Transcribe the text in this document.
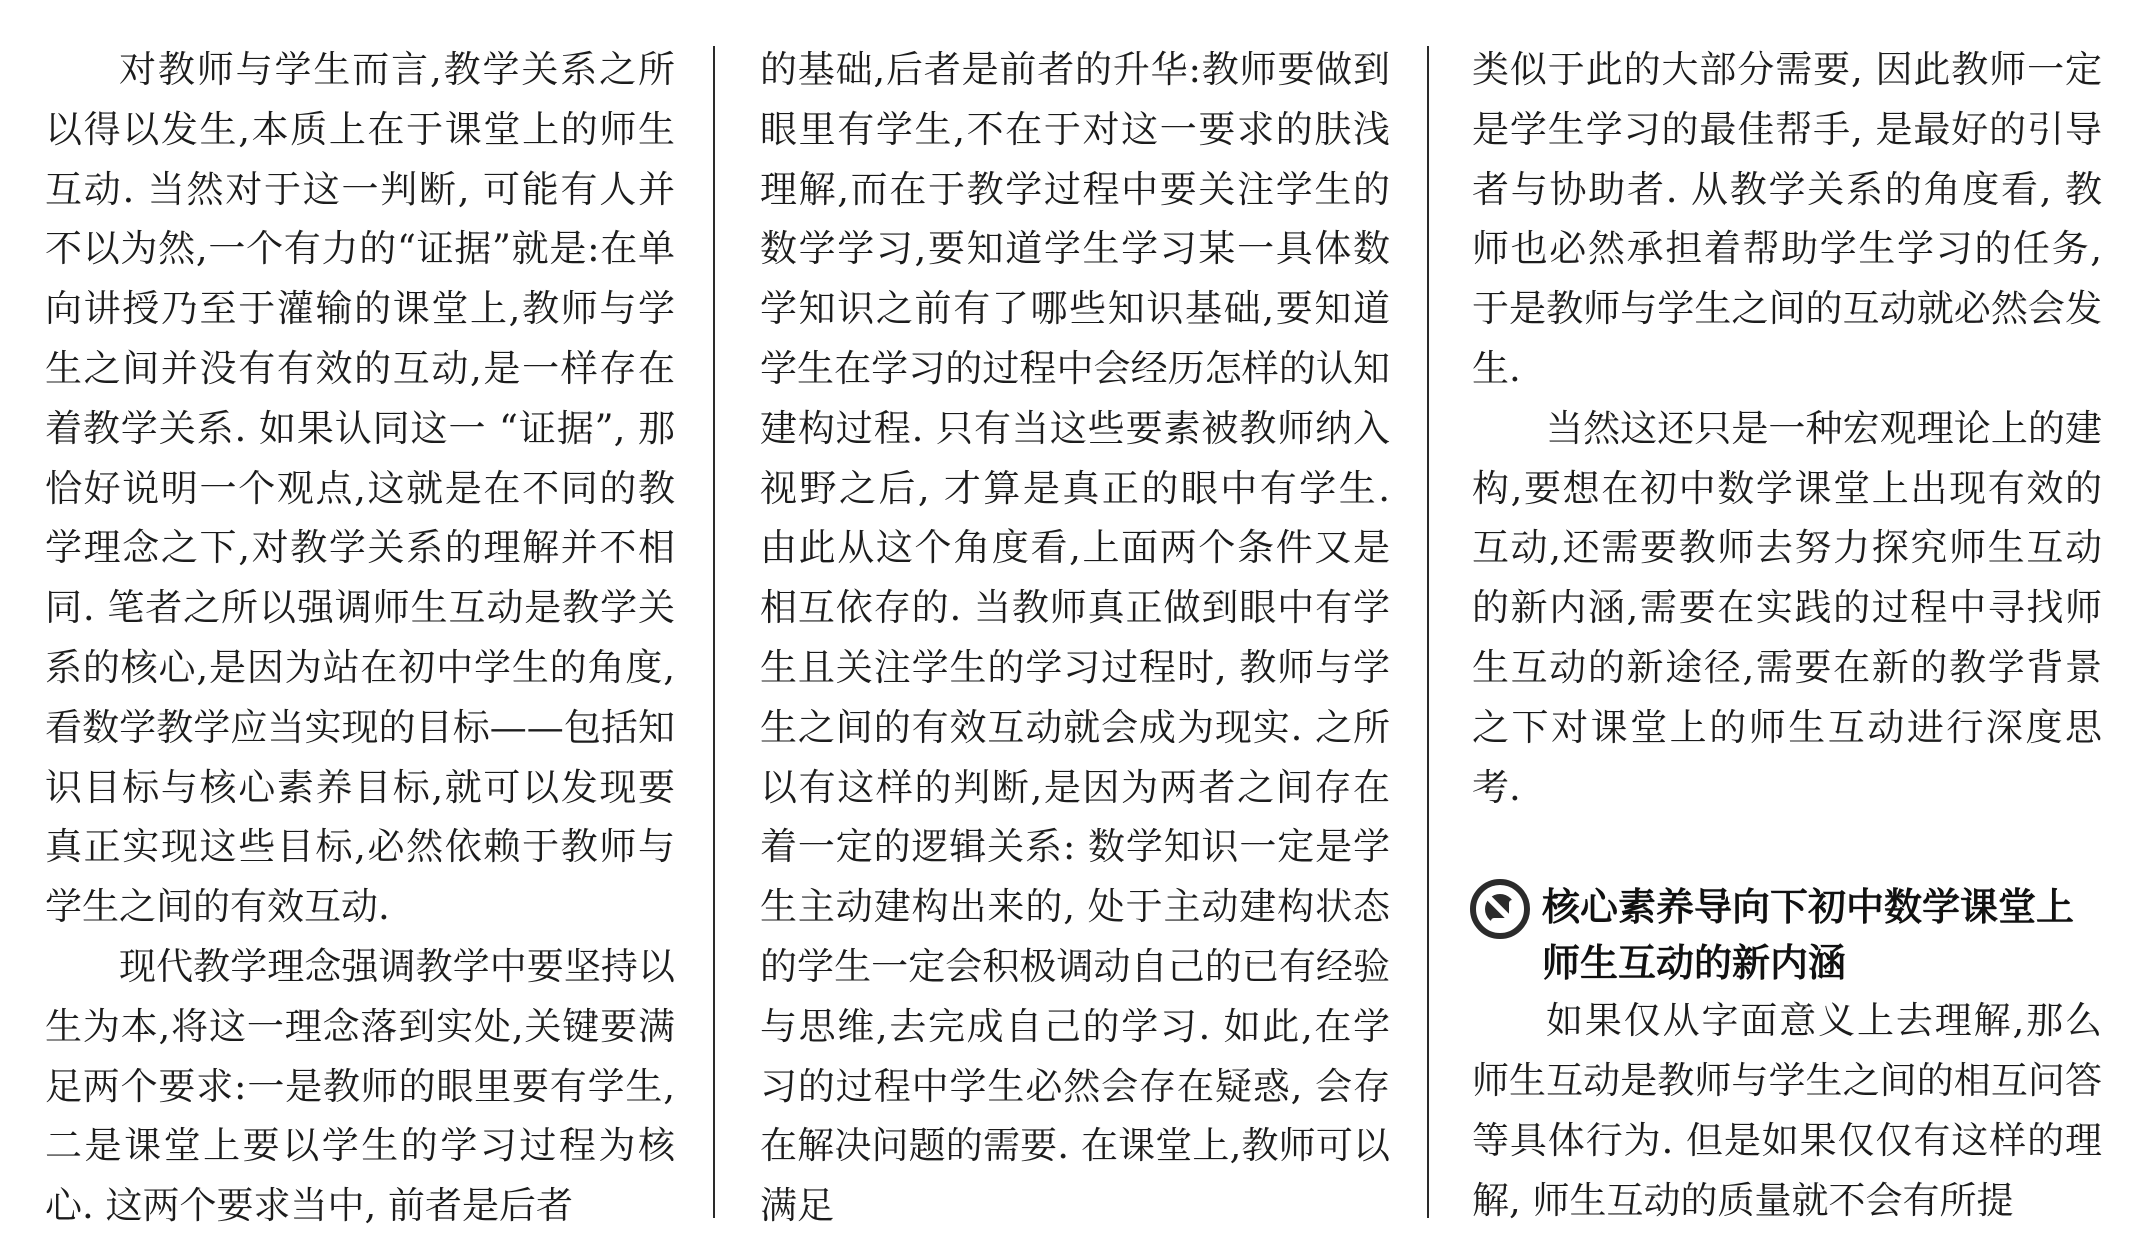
对教师与学生而言,教学关系之所以得以发生,本质上在于课堂上的师生互动. 当然对于这一判断, 可能有人并不以为然,一个有力的“证据”就是:在单向讲授乃至于灌输的课堂上,教师与学生之间并没有有效的互动,是一样存在着教学关系. 如果认同这一 “证据”, 那恰好说明一个观点,这就是在不同的教学理念之下,对教学关系的理解并不相同. 笔者之所以强调师生互动是教学关系的核心,是因为站在初中学生的角度,看数学教学应当实现的目标——包括知识目标与核心素养目标,就可以发现要真正实现这些目标,必然依赖于教师与学生之间的有效互动.

现代教学理念强调教学中要坚持以生为本,将这一理念落到实处,关键要满足两个要求:一是教师的眼里要有学生,二是课堂上要以学生的学习过程为核心. 这两个要求当中, 前者是后者

的基础,后者是前者的升华:教师要做到眼里有学生,不在于对这一要求的肤浅理解,而在于教学过程中要关注学生的数学学习,要知道学生学习某一具体数学知识之前有了哪些知识基础,要知道学生在学习的过程中会经历怎样的认知建构过程. 只有当这些要素被教师纳入视野之后, 才算是真正的眼中有学生. 由此从这个角度看,上面两个条件又是相互依存的. 当教师真正做到眼中有学生且关注学生的学习过程时, 教师与学生之间的有效互动就会成为现实. 之所以有这样的判断,是因为两者之间存在着一定的逻辑关系: 数学知识一定是学生主动建构出来的, 处于主动建构状态的学生一定会积极调动自己的已有经验与思维,去完成自己的学习. 如此,在学习的过程中学生必然会存在疑惑, 会存在解决问题的需要. 在课堂上,教师可以满足

类似于此的大部分需要, 因此教师一定是学生学习的最佳帮手, 是最好的引导者与协助者. 从教学关系的角度看, 教师也必然承担着帮助学生学习的任务, 于是教师与学生之间的互动就必然会发生.

当然这还只是一种宏观理论上的建构,要想在初中数学课堂上出现有效的互动,还需要教师去努力探究师生互动的新内涵,需要在实践的过程中寻找师生互动的新途径,需要在新的教学背景之下对课堂上的师生互动进行深度思考.

核心素养导向下初中数学课堂上师生互动的新内涵

如果仅从字面意义上去理解,那么师生互动是教师与学生之间的相互问答等具体行为. 但是如果仅仅有这样的理解, 师生互动的质量就不会有所提
